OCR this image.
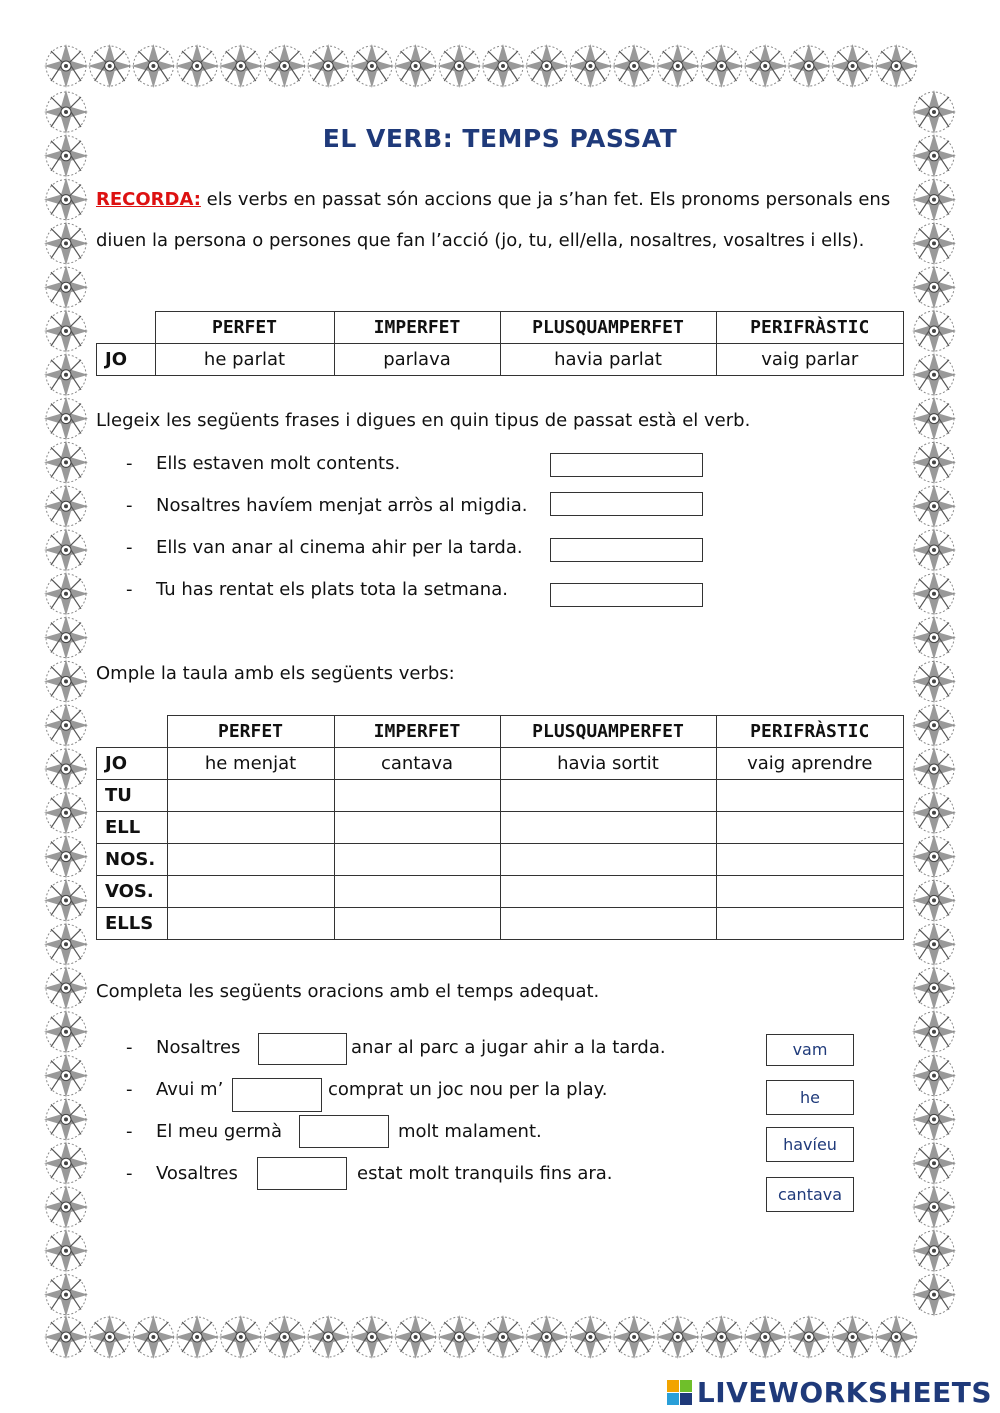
EL VERB: TEMPS PASSAT
RECORDA: els verbs en passat són accions que ja s’han fet. Els pronoms personals ens
diuen la persona o persones que fan l’acció (jo, tu, ell/ella, nosaltres, vosaltres i ells).
	PERFET	IMPERFET	PLUSQUAMPERFET	PERIFRÀSTIC
JO	he parlat	parlava	havia parlat	vaig parlar
Llegeix les següents frases i digues en quin tipus de passat està el verb.
- Ells estaven molt contents.
- Nosaltres havíem menjat arròs al migdia.
- Ells van anar al cinema ahir per la tarda.
- Tu has rentat els plats tota la setmana.
Omple la taula amb els següents verbs:
	PERFET	IMPERFET	PLUSQUAMPERFET	PERIFRÀSTIC
JO	he menjat	cantava	havia sortit	vaig aprendre
TU				
ELL				
NOS.				
VOS.				
ELLS				
Completa les següents oracions amb el temps adequat.
- Nosaltres	anar al parc a jugar ahir a la tarda.
- Avui m’	comprat un joc nou per la play.
- El meu germà	molt malament.
- Vosaltres	estat molt tranquils fins ara.
vam
he
havíeu
cantava
LIVEWORKSHEETS
